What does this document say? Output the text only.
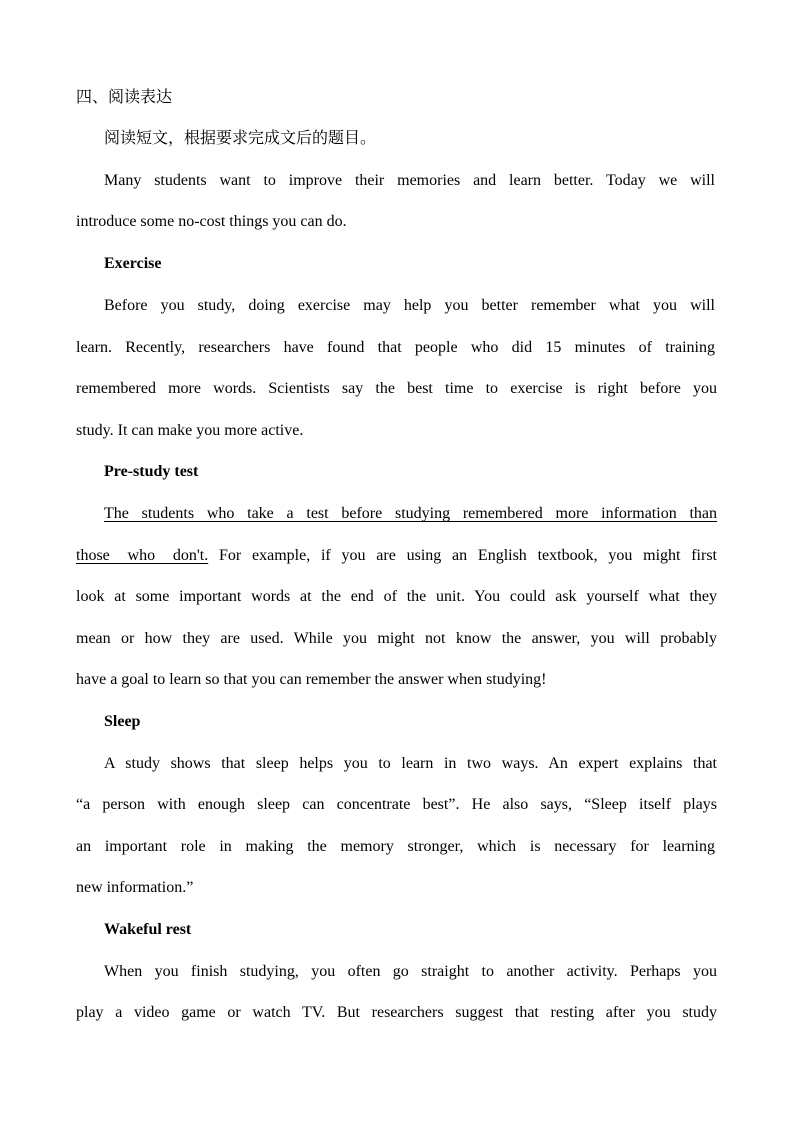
四、阅读表达
阅读短文，根据要求完成文后的题目。
Many students want to improve their memories and learn better. Today we will
introduce some no-cost things you can do.
Exercise
Before you study, doing exercise may help you better remember what you will
learn. Recently, researchers have found that people who did 15 minutes of training
remembered more words. Scientists say the best time to exercise is right before you
study. It can make you more active.
Pre-study test
The students who take a test before studying remembered more information than
those who don't. For example, if you are using an English textbook, you might first
look at some important words at the end of the unit. You could ask yourself what they
mean or how they are used. While you might not know the answer, you will probably
have a goal to learn so that you can remember the answer when studying!
Sleep
A study shows that sleep helps you to learn in two ways. An expert explains that
“a person with enough sleep can concentrate best”. He also says, “Sleep itself plays
an important role in making the memory stronger, which is necessary for learning
new information.”
Wakeful rest
When you finish studying, you often go straight to another activity. Perhaps you
play a video game or watch TV. But researchers suggest that resting after you study
